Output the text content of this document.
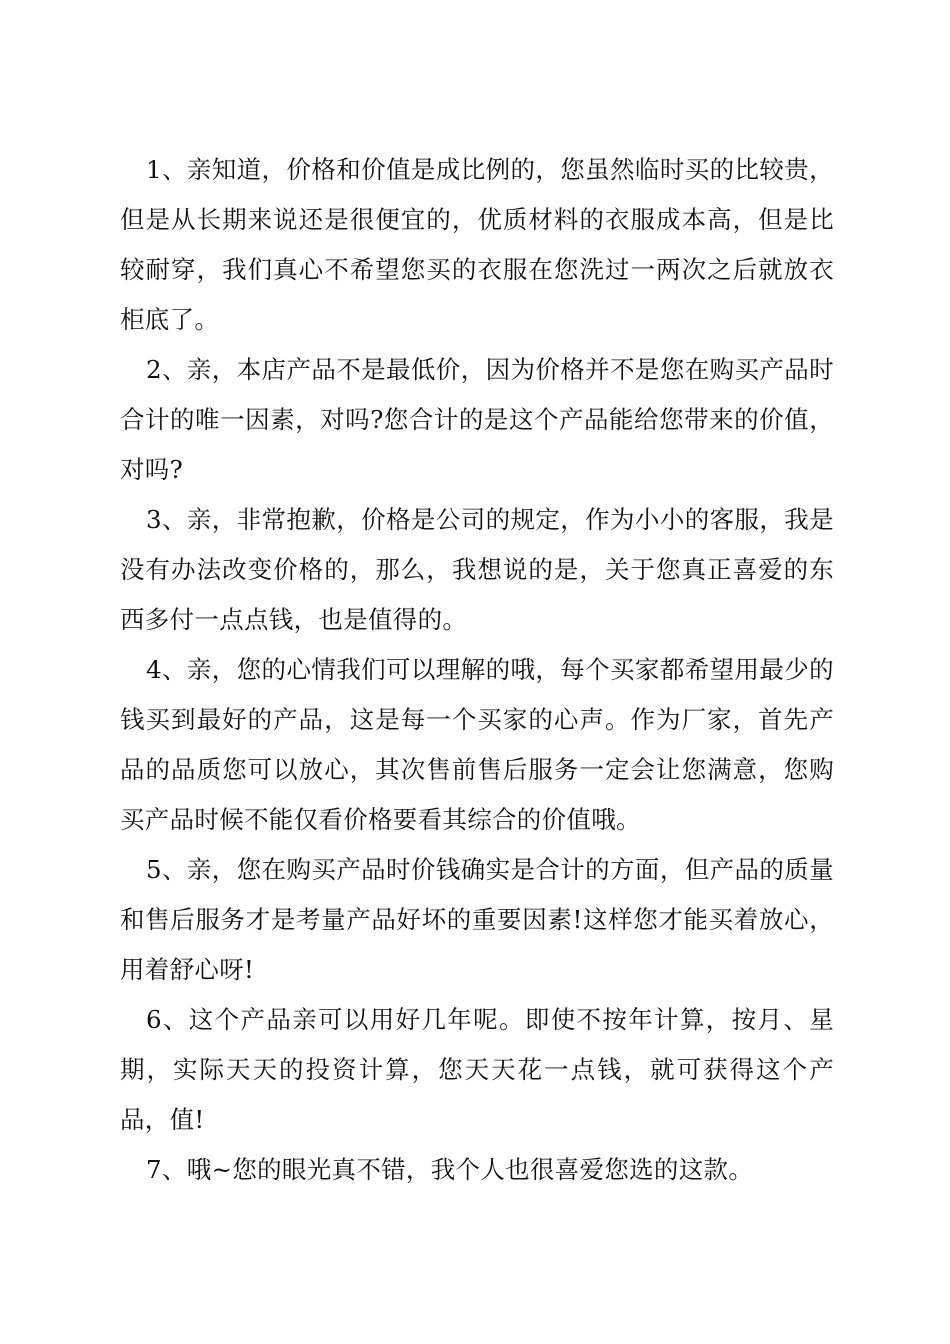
1、亲知道，价格和价值是成比例的，您虽然临时买的比较贵，但是从长期来说还是很便宜的，优质材料的衣服成本高，但是比较耐穿，我们真心不希望您买的衣服在您洗过一两次之后就放衣柜底了。

2、亲，本店产品不是最低价，因为价格并不是您在购买产品时合计的唯一因素，对吗?您合计的是这个产品能给您带来的价值，对吗?

3、亲，非常抱歉，价格是公司的规定，作为小小的客服，我是没有办法改变价格的，那么，我想说的是，关于您真正喜爱的东西多付一点点钱，也是值得的。

4、亲，您的心情我们可以理解的哦，每个买家都希望用最少的钱买到最好的产品，这是每一个买家的心声。作为厂家，首先产品的品质您可以放心，其次售前售后服务一定会让您满意，您购买产品时候不能仅看价格要看其综合的价值哦。

5、亲，您在购买产品时价钱确实是合计的方面，但产品的质量和售后服务才是考量产品好坏的重要因素!这样您才能买着放心，用着舒心呀!

6、这个产品亲可以用好几年呢。即使不按年计算，按月、星期，实际天天的投资计算，您天天花一点钱，就可获得这个产品，值!

7、哦~您的眼光真不错，我个人也很喜爱您选的这款。
